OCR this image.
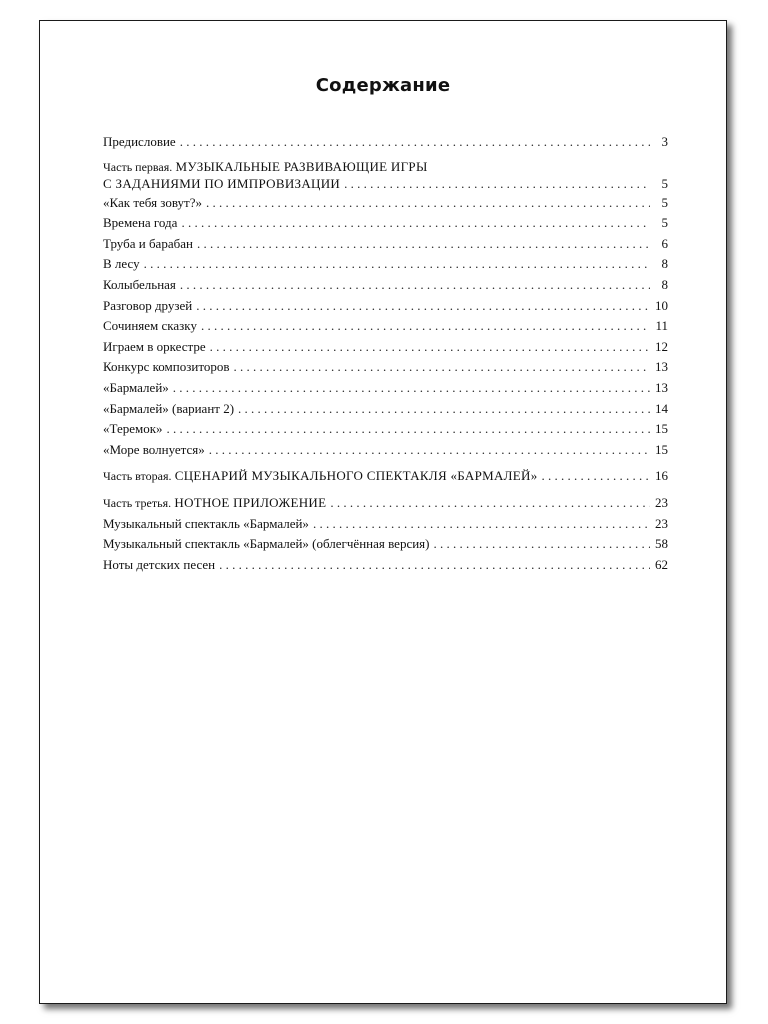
Содержание
Предисловие . . .	3
Часть первая. МУЗЫКАЛЬНЫЕ РАЗВИВАЮЩИЕ ИГРЫ
С ЗАДАНИЯМИ ПО ИМПРОВИЗАЦИИ . . .	5
«Как тебя зовут?» . . .	5
Времена года . . .	5
Труба и барабан . . .	6
В лесу . . .	8
Колыбельная . . .	8
Разговор друзей . . .	10
Сочиняем сказку . . .	11
Играем в оркестре . . .	12
Конкурс композиторов . . .	13
«Бармалей» . . .	13
«Бармалей» (вариант 2) . . .	14
«Теремок» . . .	15
«Море волнуется» . . .	15
Часть вторая. СЦЕНАРИЙ МУЗЫКАЛЬНОГО СПЕКТАКЛЯ «БАРМАЛЕЙ» . . .	16
Часть третья. НОТНОЕ ПРИЛОЖЕНИЕ . . .	23
Музыкальный спектакль «Бармалей» . . .	23
Музыкальный спектакль «Бармалей» (облегчённая версия) . . .	58
Ноты детских песен . . .	62
